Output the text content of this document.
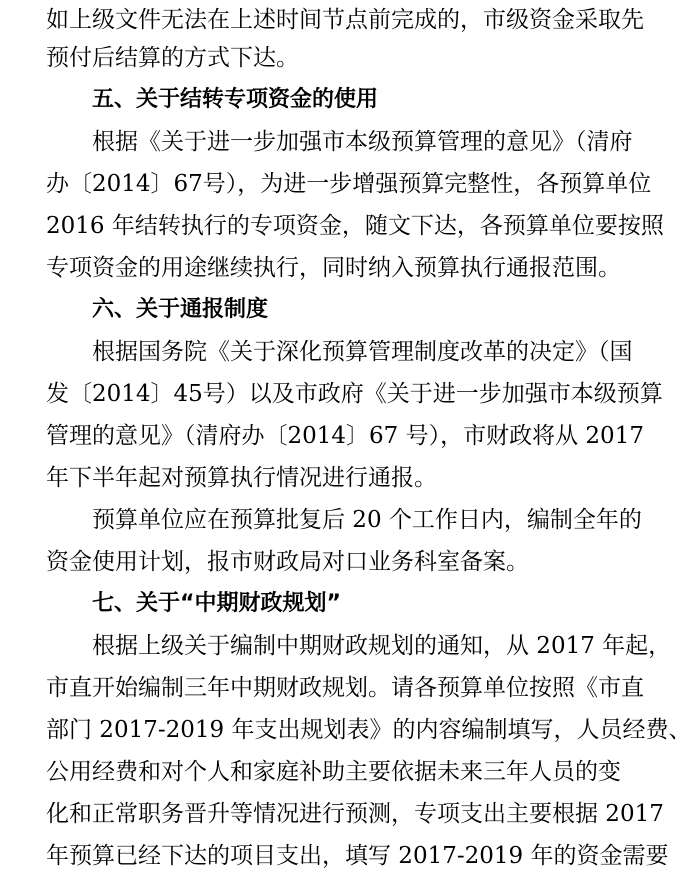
如上级文件无法在上述时间节点前完成的，市级资金采取先
预付后结算的方式下达。
五、关于结转专项资金的使用
根据《关于进一步加强市本级预算管理的意见》（清府
办〔2014〕67号），为进一步增强预算完整性，各预算单位
2016 年结转执行的专项资金，随文下达，各预算单位要按照
专项资金的用途继续执行，同时纳入预算执行通报范围。
六、关于通报制度
根据国务院《关于深化预算管理制度改革的决定》（国
发〔2014〕45号）以及市政府《关于进一步加强市本级预算
管理的意见》（清府办〔2014〕67 号），市财政将从 2017
年下半年起对预算执行情况进行通报。
预算单位应在预算批复后 20 个工作日内，编制全年的
资金使用计划，报市财政局对口业务科室备案。
七、关于“中期财政规划”
根据上级关于编制中期财政规划的通知，从 2017 年起，
市直开始编制三年中期财政规划。请各预算单位按照《市直
部门 2017-2019 年支出规划表》的内容编制填写，人员经费、
公用经费和对个人和家庭补助主要依据未来三年人员的变
化和正常职务晋升等情况进行预测，专项支出主要根据 2017
年预算已经下达的项目支出，填写 2017-2019 年的资金需要
